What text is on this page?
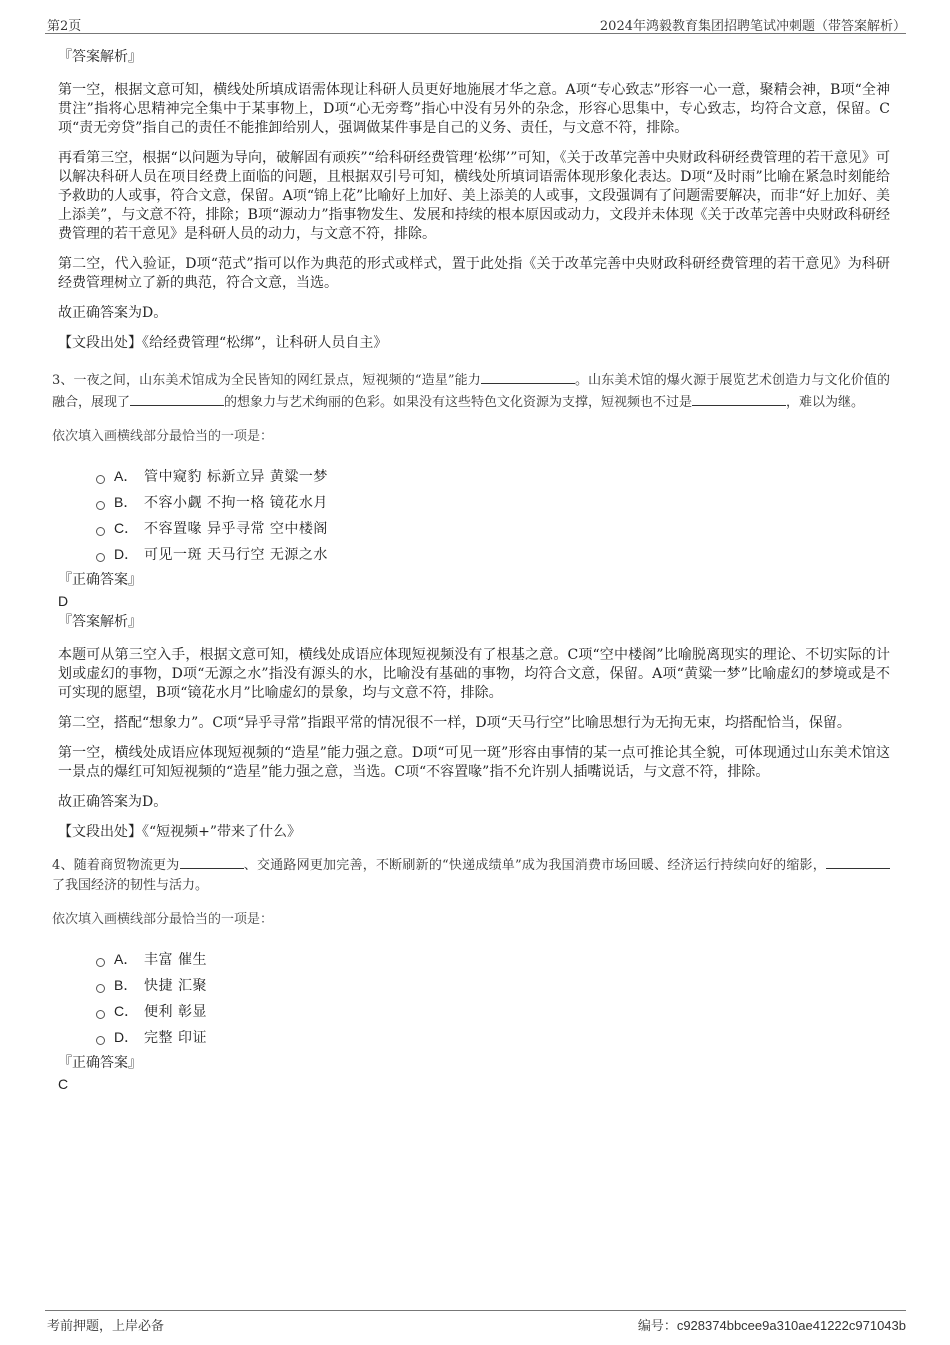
第2页	2024年鸿毅教育集团招聘笔试冲刺题（带答案解析）
『答案解析』

第一空，根据文意可知，横线处所填成语需体现让科研人员更好地施展才华之意。A项“专心致志”形容一心一意，聚精会神，B项“全神贯注”指将心思精神完全集中于某事物上，D项“心无旁骛”指心中没有另外的杂念，形容心思集中，专心致志，均符合文意，保留。C项“责无旁贷”指自己的责任不能推卸给别人，强调做某件事是自己的义务、责任，与文意不符，排除。

再看第三空，根据“以问题为导向，破解固有顽疾”“给科研经费管理‘松绑’”可知，《关于改革完善中央财政科研经费管理的若干意见》可以解决科研人员在项目经费上面临的问题，且根据双引号可知，横线处所填词语需体现形象化表达。D项“及时雨”比喻在紧急时刻能给予救助的人或事，符合文意，保留。A项“锦上花”比喻好上加好、美上添美的人或事，文段强调有了问题需要解决，而非“好上加好、美上添美”，与文意不符，排除；B项“源动力”指事物发生、发展和持续的根本原因或动力，文段并未体现《关于改革完善中央财政科研经费管理的若干意见》是科研人员的动力，与文意不符，排除。

第二空，代入验证，D项“范式”指可以作为典范的形式或样式，置于此处指《关于改革完善中央财政科研经费管理的若干意见》为科研经费管理树立了新的典范，符合文意，当选。

故正确答案为D。

【文段出处】《给经费管理“松绑”，让科研人员自主》

3、一夜之间，山东美术馆成为全民皆知的网红景点，短视频的“造星”能力	。山东美术馆的爆火源于展览艺术创造力与文化价值的融合，展现了	的想象力与艺术绚丽的色彩。如果没有这些特色文化资源为支撑，短视频也不过是	，难以为继。
依次填入画横线部分最恰当的一项是：
A． 管中窥豹 标新立异 黄粱一梦
B． 不容小觑 不拘一格 镜花水月
C． 不容置喙 异乎寻常 空中楼阁
D． 可见一斑 天马行空 无源之水
『正确答案』
D
『答案解析』

本题可从第三空入手，根据文意可知，横线处成语应体现短视频没有了根基之意。C项“空中楼阁”比喻脱离现实的理论、不切实际的计划或虚幻的事物，D项“无源之水”指没有源头的水，比喻没有基础的事物，均符合文意，保留。A项“黄粱一梦”比喻虚幻的梦境或是不可实现的愿望，B项“镜花水月”比喻虚幻的景象，均与文意不符，排除。

第二空，搭配“想象力”。C项“异乎寻常”指跟平常的情况很不一样，D项“天马行空”比喻思想行为无拘无束，均搭配恰当，保留。

第一空，横线处成语应体现短视频的“造星”能力强之意。D项“可见一斑”形容由事情的某一点可推论其全貌，可体现通过山东美术馆这一景点的爆红可知短视频的“造星”能力强之意，当选。C项“不容置喙”指不允许别人插嘴说话，与文意不符，排除。

故正确答案为D。

【文段出处】《“短视频+”带来了什么》

4、随着商贸物流更为	、交通路网更加完善，不断刷新的“快递成绩单”成为我国消费市场回暖、经济运行持续向好的缩影，了我国经济的韧性与活力。
依次填入画横线部分最恰当的一项是：
A． 丰富 催生
B． 快捷 汇聚
C． 便利 彰显
D． 完整 印证
『正确答案』
C
考前押题，上岸必备	编号：c928374bbcee9a310ae41222c971043b
